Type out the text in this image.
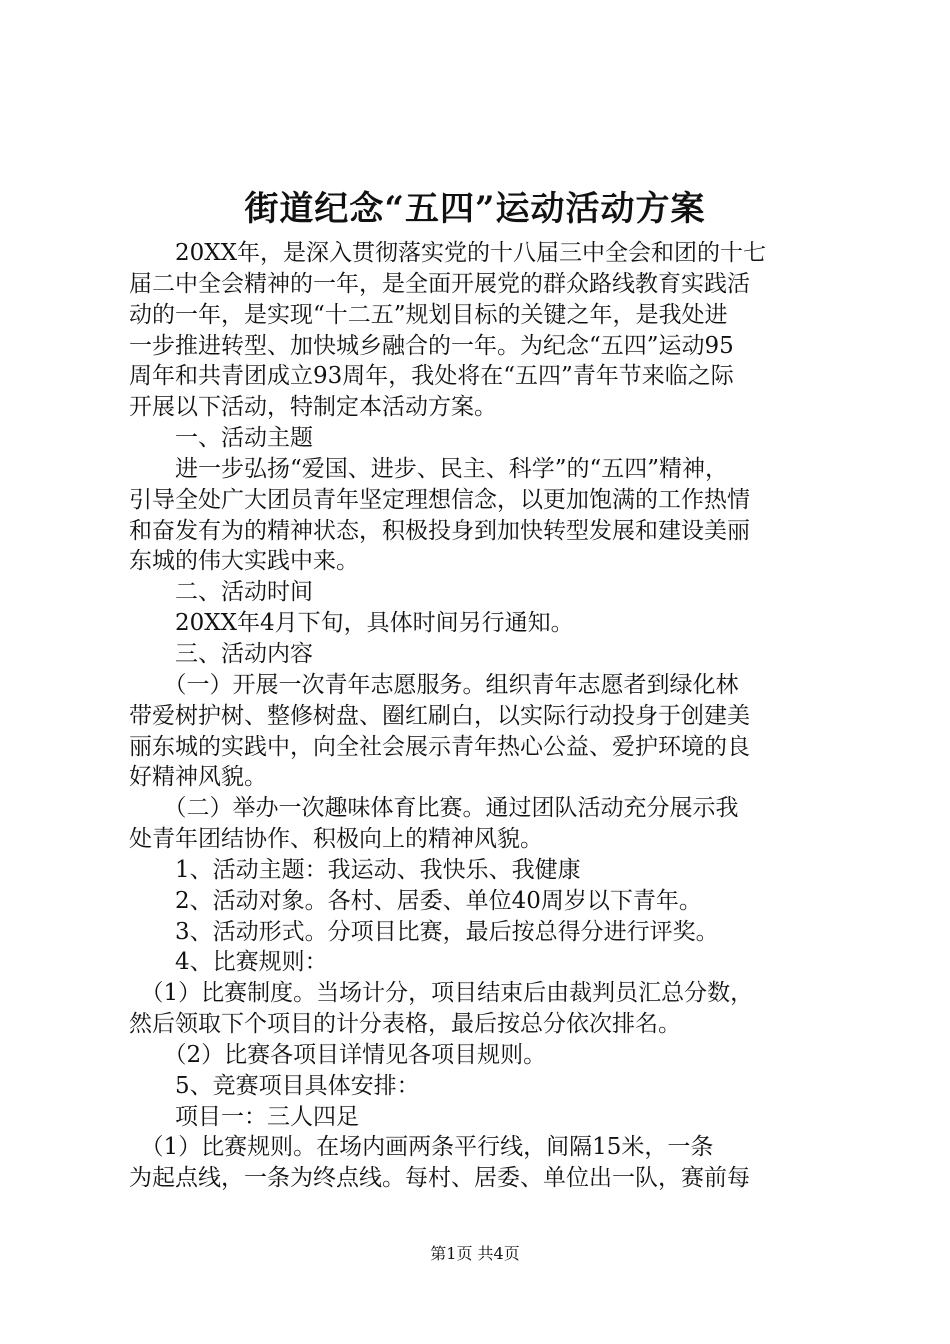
街道纪念“五四”运动活动方案
　　20XX年，是深入贯彻落实党的十八届三中全会和团的十七
届二中全会精神的一年，是全面开展党的群众路线教育实践活
动的一年，是实现“十二五”规划目标的关键之年，是我处进
一步推进转型、加快城乡融合的一年。为纪念“五四”运动95
周年和共青团成立93周年，我处将在“五四”青年节来临之际
开展以下活动，特制定本活动方案。
　　一、活动主题
　　进一步弘扬“爱国、进步、民主、科学”的“五四”精神，
引导全处广大团员青年坚定理想信念，以更加饱满的工作热情
和奋发有为的精神状态，积极投身到加快转型发展和建设美丽
东城的伟大实践中来。
　　二、活动时间
　　20XX年4月下旬，具体时间另行通知。
　　三、活动内容
　　（一）开展一次青年志愿服务。组织青年志愿者到绿化林
带爱树护树、整修树盘、圈红刷白，以实际行动投身于创建美
丽东城的实践中，向全社会展示青年热心公益、爱护环境的良
好精神风貌。
　　（二）举办一次趣味体育比赛。通过团队活动充分展示我
处青年团结协作、积极向上的精神风貌。
　　1、活动主题：我运动、我快乐、我健康
　　2、活动对象。各村、居委、单位40周岁以下青年。
　　3、活动形式。分项目比赛，最后按总得分进行评奖。
　　4、比赛规则：
　（1）比赛制度。当场计分，项目结束后由裁判员汇总分数，
然后领取下个项目的计分表格，最后按总分依次排名。
　　（2）比赛各项目详情见各项目规则。
　　5、竞赛项目具体安排：
　　项目一：三人四足
　（1）比赛规则。在场内画两条平行线，间隔15米，一条
为起点线，一条为终点线。每村、居委、单位出一队，赛前每
第1页 共4页
